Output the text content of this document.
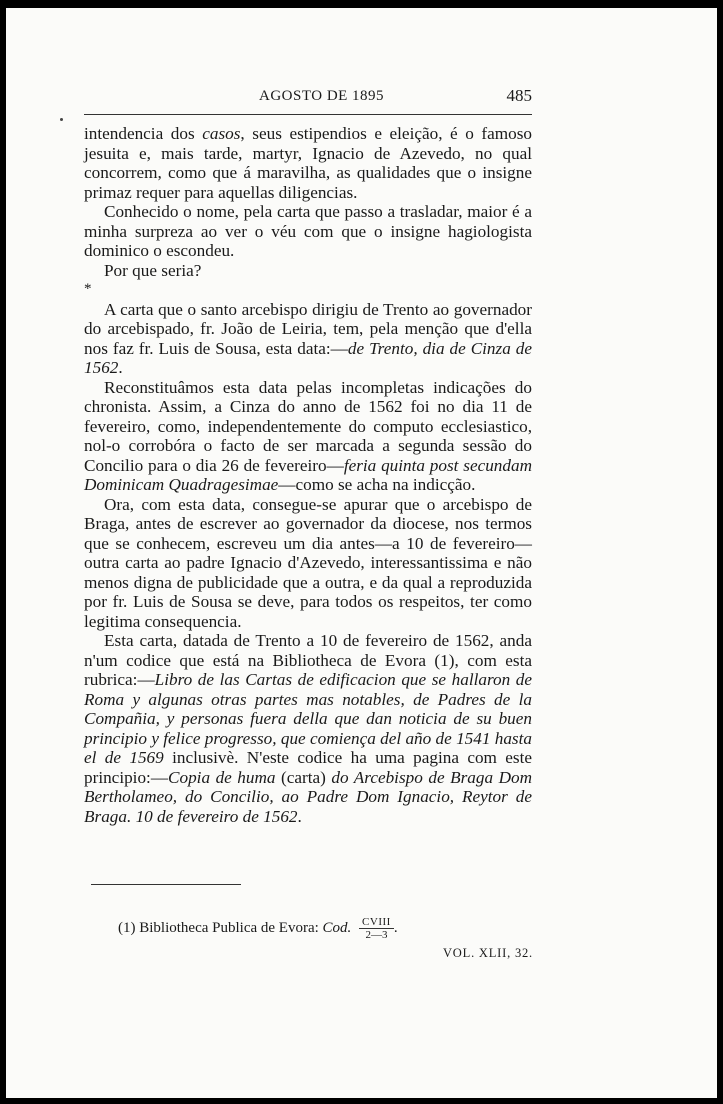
AGOSTO DE 1895	485

intendencia dos casos, seus estipendios e eleição, é o famoso jesuita e, mais tarde, martyr, Ignacio de Azevedo, no qual concorrem, como que á maravilha, as qualidades que o insigne primaz requer para aquellas diligencias.

Conhecido o nome, pela carta que passo a trasladar, maior é a minha surpreza ao ver o véu com que o insigne hagiologista dominico o escondeu.

Por que seria?

*

A carta que o santo arcebispo dirigiu de Trento ao governador do arcebispado, fr. João de Leiria, tem, pela menção que d'ella nos faz fr. Luis de Sousa, esta data:—de Trento, dia de Cinza de 1562.

Reconstituâmos esta data pelas incompletas indicações do chronista. Assim, a Cinza do anno de 1562 foi no dia 11 de fevereiro, como, independentemente do computo ecclesiastico, nol-o corrobóra o facto de ser marcada a segunda sessão do Concilio para o dia 26 de fevereiro—feria quinta post secundam Dominicam Quadragesimae—como se acha na indicção.

Ora, com esta data, consegue-se apurar que o arcebispo de Braga, antes de escrever ao governador da diocese, nos termos que se conhecem, escreveu um dia antes—a 10 de fevereiro—outra carta ao padre Ignacio d'Azevedo, interessantissima e não menos digna de publicidade que a outra, e da qual a reproduzida por fr. Luis de Sousa se deve, para todos os respeitos, ter como legitima consequencia.

Esta carta, datada de Trento a 10 de fevereiro de 1562, anda n'um codice que está na Bibliotheca de Evora (1), com esta rubrica:—Libro de las Cartas de edificacion que se hallaron de Roma y algunas otras partes mas notables, de Padres de la Compañia, y personas fuera della que dan noticia de su buen principio y felice progresso, que comiença del año de 1541 hasta el de 1569 inclusivè. N'este codice ha uma pagina com este principio:—Copia de huma (carta) do Arcebispo de Braga Dom Bertholameo, do Concilio, ao Padre Dom Ignacio, Reytor de Braga. 10 de fevereiro de 1562.

(1) Bibliotheca Publica de Evora: Cod. $\frac{\text{CVIII}}{2—3}$ .
VOL. XLII, 32.
